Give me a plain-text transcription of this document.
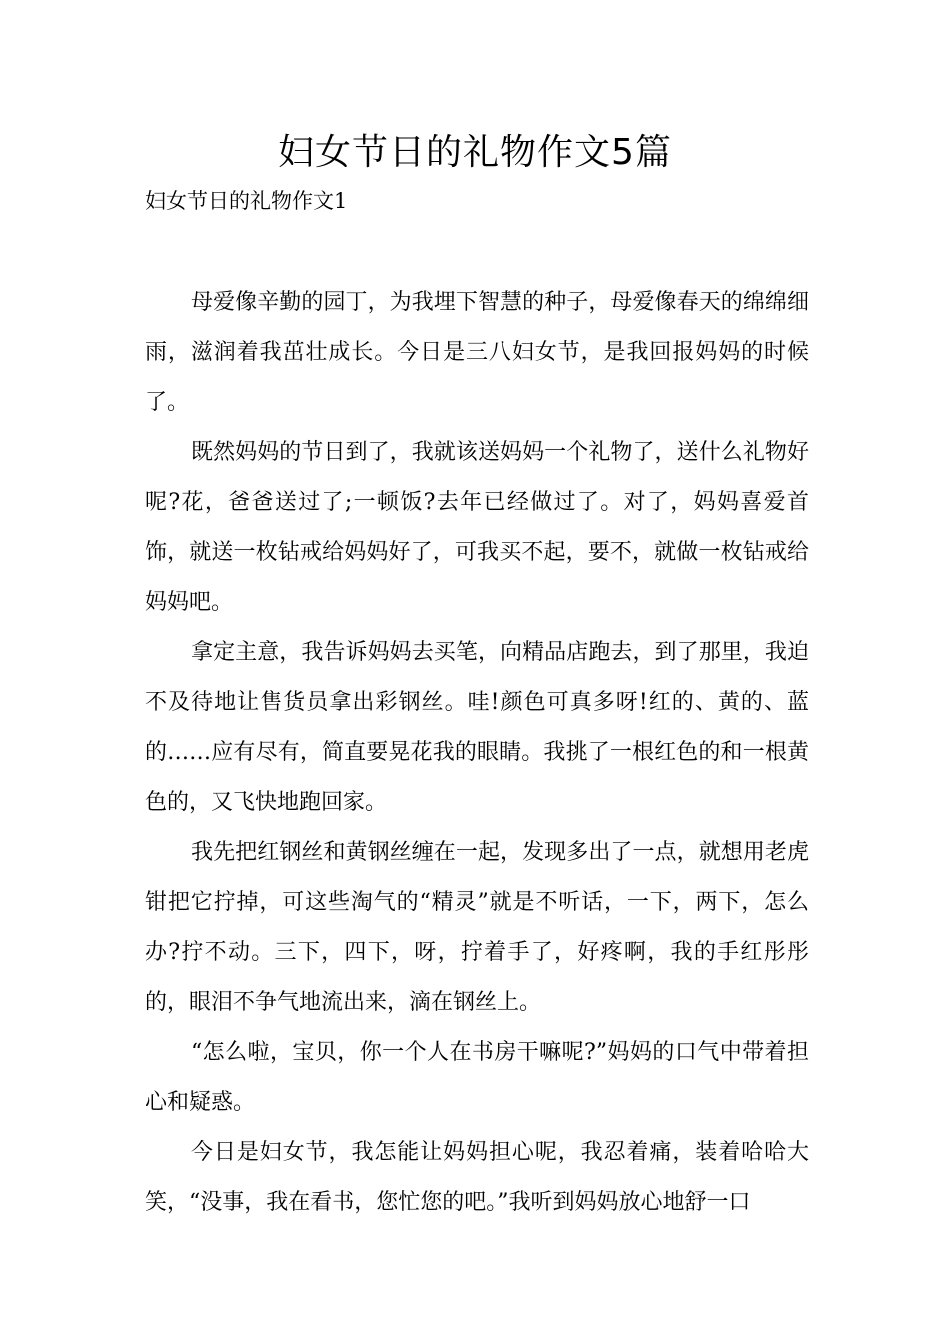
妇女节日的礼物作文5篇
妇女节日的礼物作文1

母爱像辛勤的园丁，为我埋下智慧的种子，母爱像春天的绵绵细雨，滋润着我茁壮成长。今日是三八妇女节，是我回报妈妈的时候了。

既然妈妈的节日到了，我就该送妈妈一个礼物了，送什么礼物好呢?花，爸爸送过了;一顿饭?去年已经做过了。对了，妈妈喜爱首饰，就送一枚钻戒给妈妈好了，可我买不起，要不，就做一枚钻戒给妈妈吧。

拿定主意，我告诉妈妈去买笔，向精品店跑去，到了那里，我迫不及待地让售货员拿出彩钢丝。哇!颜色可真多呀!红的、黄的、蓝的……应有尽有，简直要晃花我的眼睛。我挑了一根红色的和一根黄色的，又飞快地跑回家。

我先把红钢丝和黄钢丝缠在一起，发现多出了一点，就想用老虎钳把它拧掉，可这些淘气的“精灵”就是不听话，一下，两下，怎么办?拧不动。三下，四下，呀，拧着手了，好疼啊，我的手红彤彤的，眼泪不争气地流出来，滴在钢丝上。

“怎么啦，宝贝，你一个人在书房干嘛呢?”妈妈的口气中带着担心和疑惑。

今日是妇女节，我怎能让妈妈担心呢，我忍着痛，装着哈哈大笑，“没事，我在看书，您忙您的吧。”我听到妈妈放心地舒一口
